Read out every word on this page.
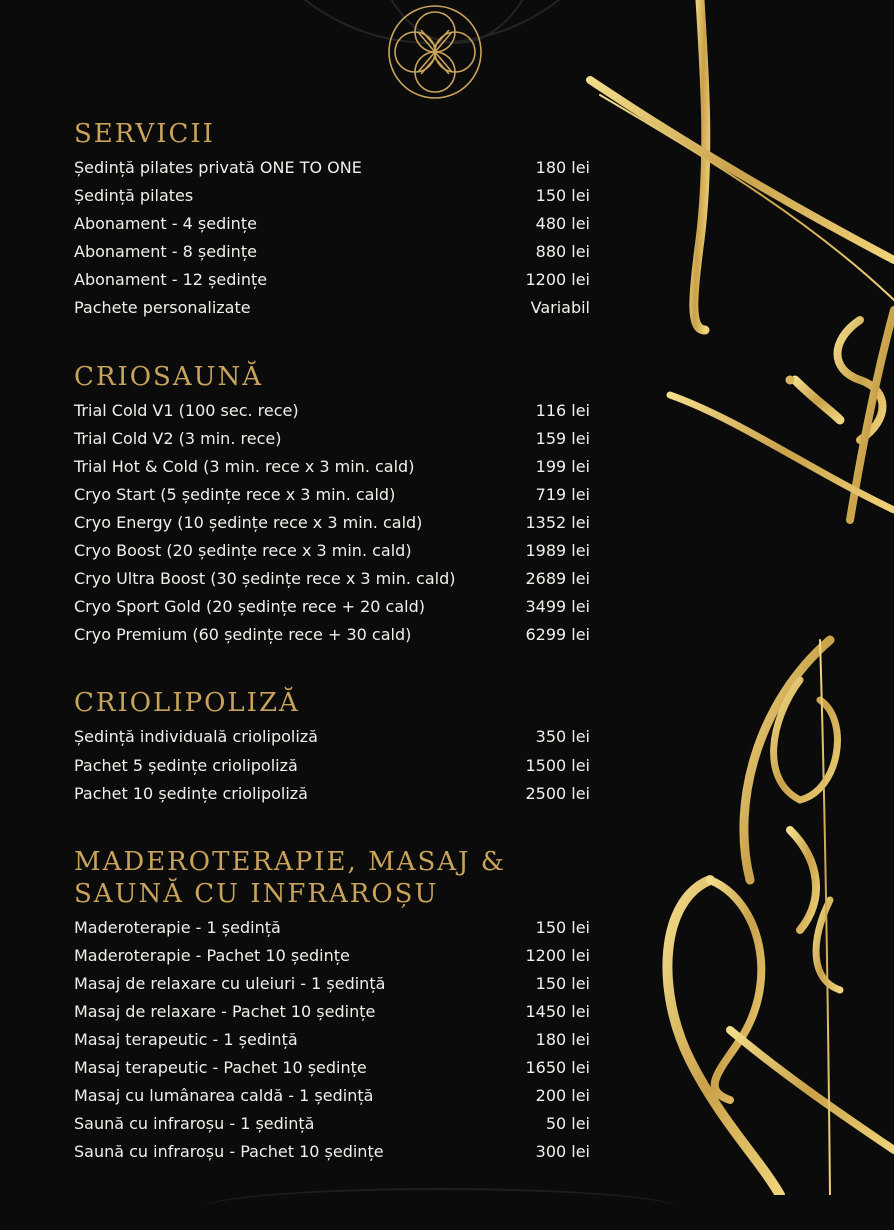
SERVICII
Ședință pilates privată ONE TO ONE	180 lei
Ședință pilates	150 lei
Abonament - 4 ședințe	480 lei
Abonament - 8 ședințe	880 lei
Abonament - 12 ședințe	1200 lei
Pachete personalizate	Variabil
CRIOSAUNĂ
Trial Cold V1 (100 sec. rece)	116 lei
Trial Cold V2 (3 min. rece)	159 lei
Trial Hot & Cold (3 min. rece x 3 min. cald)	199 lei
Cryo Start (5 ședințe rece x 3 min. cald)	719 lei
Cryo Energy (10 ședințe rece x 3 min. cald)	1352 lei
Cryo Boost (20 ședințe rece x 3 min. cald)	1989 lei
Cryo Ultra Boost (30 ședințe rece x 3 min. cald)	2689 lei
Cryo Sport Gold (20 ședințe rece + 20 cald)	3499 lei
Cryo Premium (60 ședințe rece + 30 cald)	6299 lei
CRIOLIPOLIZĂ
Ședință individuală criolipoliză	350 lei
Pachet 5 ședințe criolipoliză	1500 lei
Pachet 10 ședințe criolipoliză	2500 lei
MADEROTERAPIE, MASAJ & SAUNĂ CU INFRAROȘU
Maderoterapie - 1 ședință	150 lei
Maderoterapie - Pachet 10 ședințe	1200 lei
Masaj de relaxare cu uleiuri - 1 ședință	150 lei
Masaj de relaxare - Pachet 10 ședințe	1450 lei
Masaj terapeutic - 1 ședință	180 lei
Masaj terapeutic - Pachet 10 ședințe	1650 lei
Masaj cu lumânarea caldă - 1 ședință	200 lei
Saună cu infraroșu - 1 ședință	50 lei
Saună cu infraroșu - Pachet 10 ședințe	300 lei
